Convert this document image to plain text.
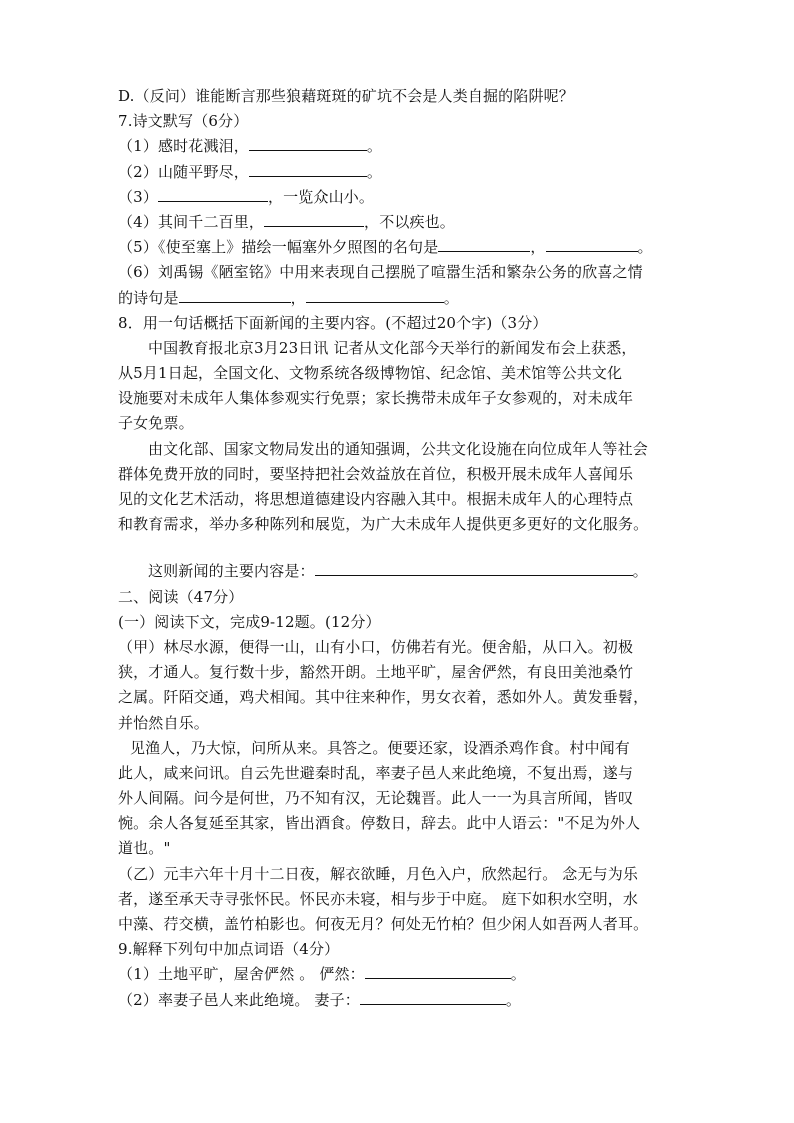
D.（反问）谁能断言那些狼藉斑斑的矿坑不会是人类自掘的陷阱呢？
7.诗文默写（6分）
（1）感时花溅泪，	。
（2）山随平野尽，	。
（3）	，一览众山小。
（4）其间千二百里，	，不以疾也。
（5）《使至塞上》描绘一幅塞外夕照图的名句是	，	。
（6）刘禹锡《陋室铭》中用来表现自己摆脱了喧嚣生活和繁杂公务的欣喜之情
的诗句是	，	。
8．用一句话概括下面新闻的主要内容。(不超过20个字)（3分）
中国教育报北京3月23日讯 记者从文化部今天举行的新闻发布会上获悉，
从5月1日起，全国文化、文物系统各级博物馆、纪念馆、美术馆等公共文化
设施要对未成年人集体参观实行免票；家长携带未成年子女参观的，对未成年
子女免票。
由文化部、国家文物局发出的通知强调，公共文化设施在向位成年人等社会
群体免费开放的同时，要坚持把社会效益放在首位，积极开展未成年人喜闻乐
见的文化艺术活动，将思想道德建设内容融入其中。根据未成年人的心理特点
和教育需求，举办多种陈列和展览，为广大未成年人提供更多更好的文化服务。
这则新闻的主要内容是：	。
二、阅读（47分）
(一）阅读下文，完成9-12题。(12分）
（甲）林尽水源，便得一山，山有小口，仿佛若有光。便舍船，从口入。初极
狭，才通人。复行数十步，豁然开朗。土地平旷，屋舍俨然，有良田美池桑竹
之属。阡陌交通，鸡犬相闻。其中往来种作，男女衣着，悉如外人。黄发垂髫，
并怡然自乐。
见渔人，乃大惊，问所从来。具答之。便要还家，设酒杀鸡作食。村中闻有
此人，咸来问讯。自云先世避秦时乱，率妻子邑人来此绝境，不复出焉，遂与
外人间隔。问今是何世，乃不知有汉，无论魏晋。此人一一为具言所闻，皆叹
惋。余人各复延至其家，皆出酒食。停数日，辞去。此中人语云："不足为外人
道也。"
（乙）元丰六年十月十二日夜，解衣欲睡，月色入户，欣然起行。 念无与为乐
者，遂至承天寺寻张怀民。怀民亦未寝，相与步于中庭。 庭下如积水空明，水
中藻、荇交横，盖竹柏影也。何夜无月？何处无竹柏？但少闲人如吾两人者耳。
9.解释下列句中加点词语（4分）
（1）土地平旷，屋舍俨然 。 俨然：	。
（2）率妻子邑人来此绝境。 妻子：	。
